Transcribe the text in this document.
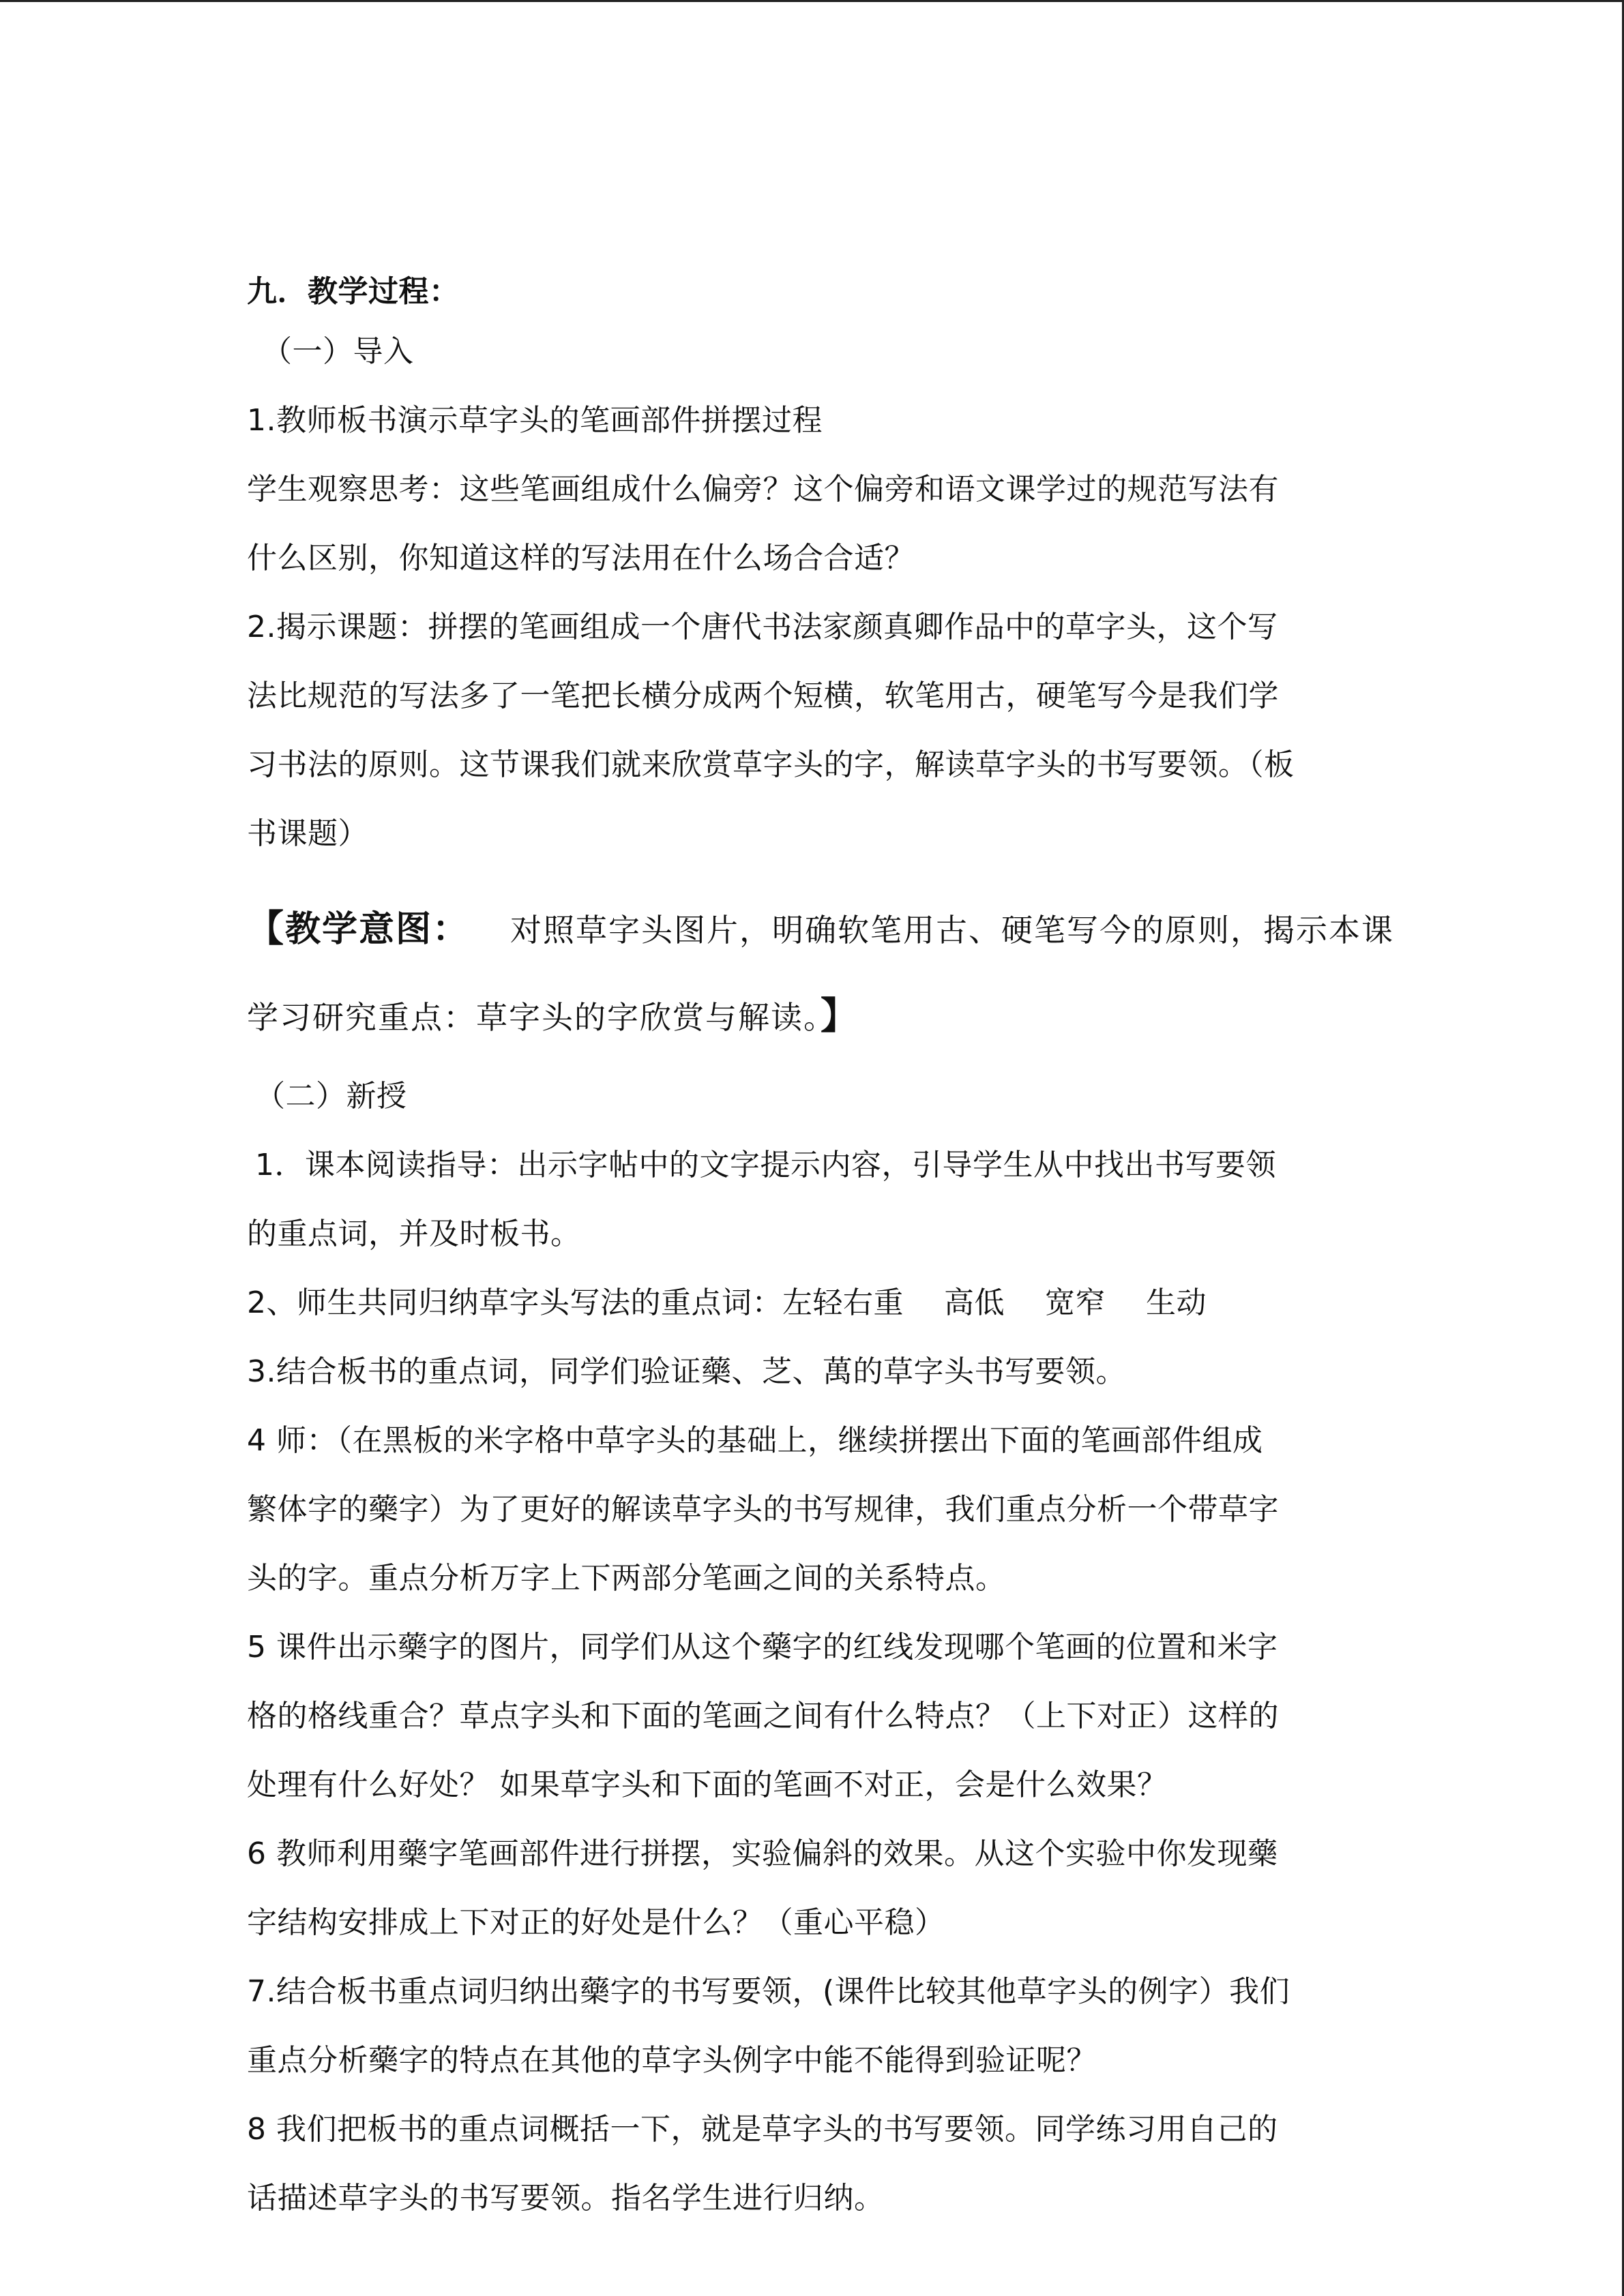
九．教学过程：
（一）导入
1.教师板书演示草字头的笔画部件拼摆过程
学生观察思考：这些笔画组成什么偏旁？这个偏旁和语文课学过的规范写法有
什么区别，你知道这样的写法用在什么场合合适？
2.揭示课题：拼摆的笔画组成一个唐代书法家颜真卿作品中的草字头，这个写
法比规范的写法多了一笔把长横分成两个短横，软笔用古，硬笔写今是我们学
习书法的原则。这节课我们就来欣赏草字头的字，解读草字头的书写要领。（板
书课题）
【教学意图： 对照草字头图片，明确软笔用古、硬笔写今的原则，揭示本课
学习研究重点：草字头的字欣赏与解读。】
（二）新授
1．课本阅读指导：出示字帖中的文字提示内容，引导学生从中找出书写要领
的重点词，并及时板书。
2、师生共同归纳草字头写法的重点词：左轻右重　 高低　 宽窄　 生动
3.结合板书的重点词，同学们验证藥、芝、萬的草字头书写要领。
4 师：（在黑板的米字格中草字头的基础上，继续拼摆出下面的笔画部件组成
繁体字的藥字）为了更好的解读草字头的书写规律，我们重点分析一个带草字
头的字。重点分析万字上下两部分笔画之间的关系特点。
5 课件出示藥字的图片，同学们从这个藥字的红线发现哪个笔画的位置和米字
格的格线重合？草点字头和下面的笔画之间有什么特点？（上下对正）这样的
处理有什么好处？ 如果草字头和下面的笔画不对正，会是什么效果？
6 教师利用藥字笔画部件进行拼摆，实验偏斜的效果。从这个实验中你发现藥
字结构安排成上下对正的好处是什么？（重心平稳）
7.结合板书重点词归纳出藥字的书写要领，(课件比较其他草字头的例字）我们
重点分析藥字的特点在其他的草字头例字中能不能得到验证呢？
8 我们把板书的重点词概括一下，就是草字头的书写要领。同学练习用自己的
话描述草字头的书写要领。指名学生进行归纳。
